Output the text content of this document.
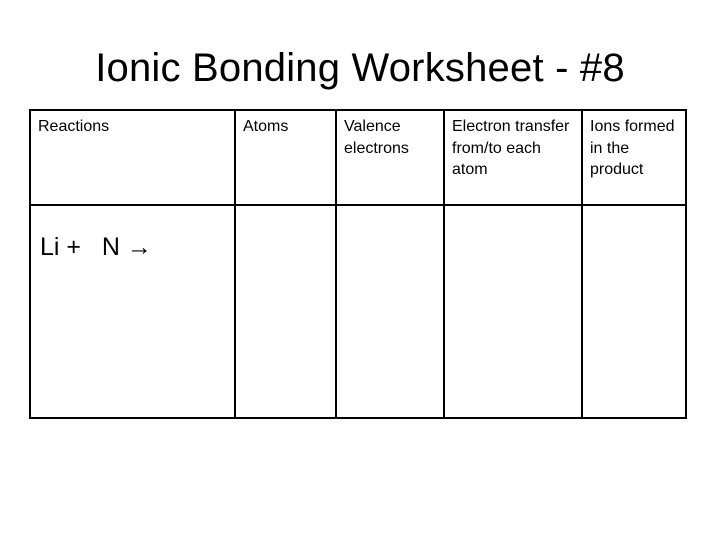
Ionic Bonding Worksheet - #8
Reactions	Atoms	Valence electrons	Electron transfer from/to each atom	Ions formed in the product

Li +   N →				
